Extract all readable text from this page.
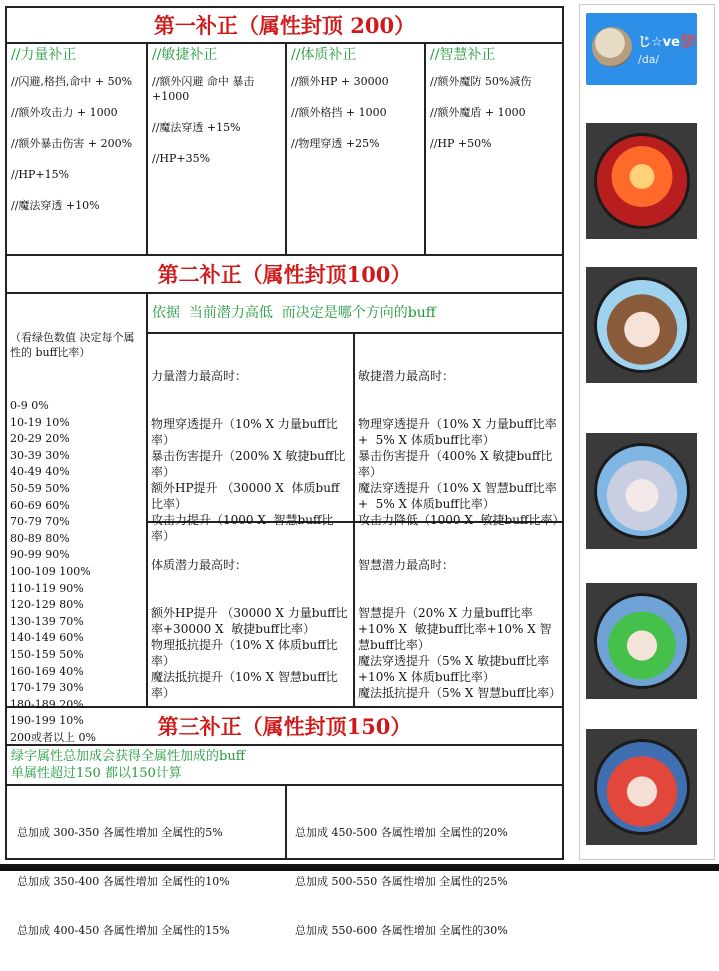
第一补正（属性封顶 200）
//力量补正
//闪避,格挡,命中 + 50%
//额外攻击力 + 1000
//额外暴击伤害 + 200%
//HP+15%
//魔法穿透 +10%
//敏捷补正
//额外闪避 命中 暴击 +1000
//魔法穿透 +15%
//HP+35%
//体质补正
//额外HP + 30000
//额外格挡 + 1000
//物理穿透 +25%
//智慧补正
//额外魔防 50%减伤
//额外魔盾 + 1000
//HP +50%
第二补正（属性封顶100）

（看绿色数值 决定每个属性的 buff比率）

0-9 0%
10-19 10%
20-29 20%
30-39 30%
40-49 40%
50-59 50%
60-69 60%
70-79 70%
80-89 80%
90-99 90%
100-109 100%
110-119 90%
120-129 80%
130-139 70%
140-149 60%
150-159 50%
160-169 40%
170-179 30%
180-189 20%
190-199 10%
200或者以上 0%

依据  当前潜力高低  而决定是哪个方向的buff

力量潜力最高时：

物理穿透提升（10% X 力量buff比率）
暴击伤害提升（200% X 敏捷buff比率）
额外HP提升 （30000 X  体质buff比率）
攻击力提升（1000 X  智慧buff比率）

敏捷潜力最高时：

物理穿透提升（10% X 力量buff比率 +  5% X 体质buff比率）
暴击伤害提升（400% X 敏捷buff比率）
魔法穿透提升（10% X 智慧buff比率 +  5% X 体质buff比率）
攻击力降低（1000 X  敏捷buff比率）

体质潜力最高时：

额外HP提升 （30000 X 力量buff比率+30000 X  敏捷buff比率）
物理抵抗提升（10% X 体质buff比率）
魔法抵抗提升（10% X 智慧buff比率）

智慧潜力最高时：

智慧提升（20% X 力量buff比率+10% X  敏捷buff比率+10% X 智慧buff比率）
魔法穿透提升（5% X 敏捷buff比率+10% X 体质buff比率）
魔法抵抗提升（5% X 智慧buff比率）

第三补正（属性封顶150）
绿字属性总加成会获得全属性加成的buff
单属性超过150 都以150计算

总加成 300-350 各属性增加 全属性的5%

总加成 350-400 各属性增加 全属性的10%

总加成 400-450 各属性增加 全属性的15%

总加成 450-500 各属性增加 全属性的20%

总加成 500-550 各属性增加 全属性的25%

总加成 550-600 各属性增加 全属性的30%

じ☆ve💯
/da/
